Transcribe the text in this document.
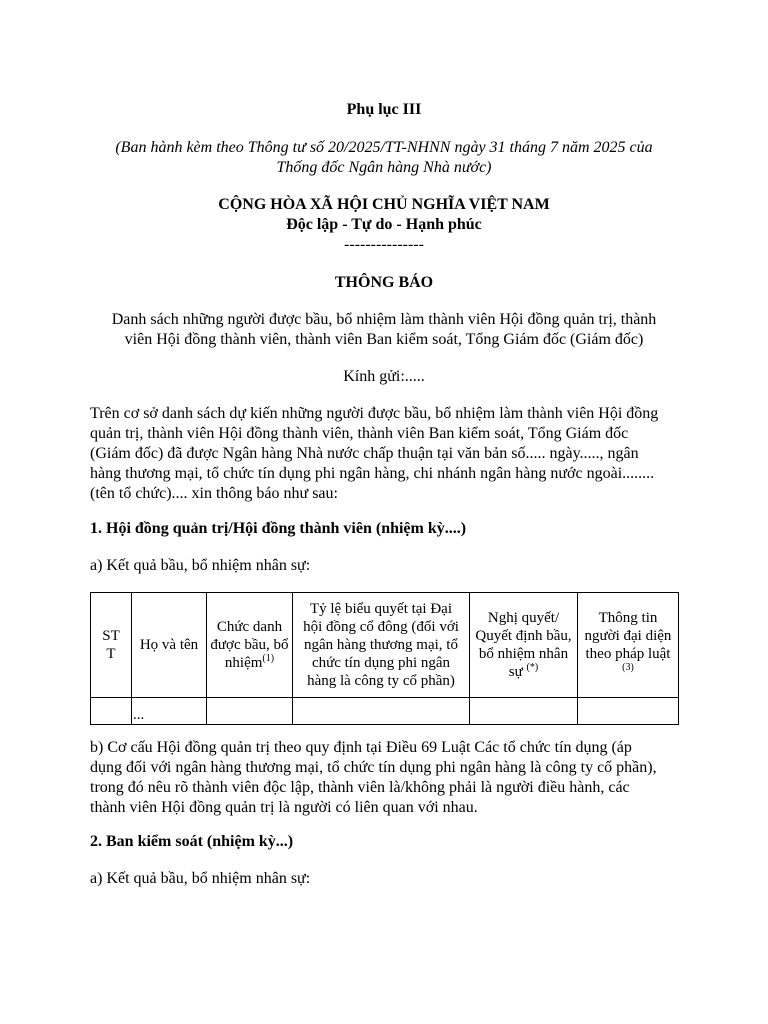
Phụ lục III
(Ban hành kèm theo Thông tư số 20/2025/TT-NHNN ngày 31 tháng 7 năm 2025 của
Thống đốc Ngân hàng Nhà nước)
CỘNG HÒA XÃ HỘI CHỦ NGHĨA VIỆT NAM
Độc lập - Tự do - Hạnh phúc
---------------
THÔNG BÁO
Danh sách những người được bầu, bổ nhiệm làm thành viên Hội đồng quản trị, thành
viên Hội đồng thành viên, thành viên Ban kiểm soát, Tổng Giám đốc (Giám đốc)
Kính gửi:.....
Trên cơ sở danh sách dự kiến những người được bầu, bổ nhiệm làm thành viên Hội đồng
quản trị, thành viên Hội đồng thành viên, thành viên Ban kiểm soát, Tổng Giám đốc
(Giám đốc) đã được Ngân hàng Nhà nước chấp thuận tại văn bản số..... ngày....., ngân
hàng thương mại, tổ chức tín dụng phi ngân hàng, chi nhánh ngân hàng nước ngoài........
(tên tổ chức).... xin thông báo như sau:
1. Hội đồng quản trị/Hội đồng thành viên (nhiệm kỳ....)
a) Kết quả bầu, bổ nhiệm nhân sự:
ST
T	Họ và tên	Chức danh
được bầu, bổ
nhiệm$^{(1)}$	Tỷ lệ biểu quyết tại Đại
hội đồng cổ đông (đối với
ngân hàng thương mại, tổ
chức tín dụng phi ngân
hàng là công ty cổ phần)	Nghị quyết/
Quyết định bầu,
bổ nhiệm nhân
sự (*)	Thông tin
người đại diện
theo pháp luật
$^{(3)}$

	...				
b) Cơ cấu Hội đồng quản trị theo quy định tại Điều 69 Luật Các tổ chức tín dụng (áp
dụng đối với ngân hàng thương mại, tổ chức tín dụng phi ngân hàng là công ty cổ phần),
trong đó nêu rõ thành viên độc lập, thành viên là/không phải là người điều hành, các
thành viên Hội đồng quản trị là người có liên quan với nhau.
2. Ban kiểm soát (nhiệm kỳ...)
a) Kết quả bầu, bổ nhiệm nhân sự:
